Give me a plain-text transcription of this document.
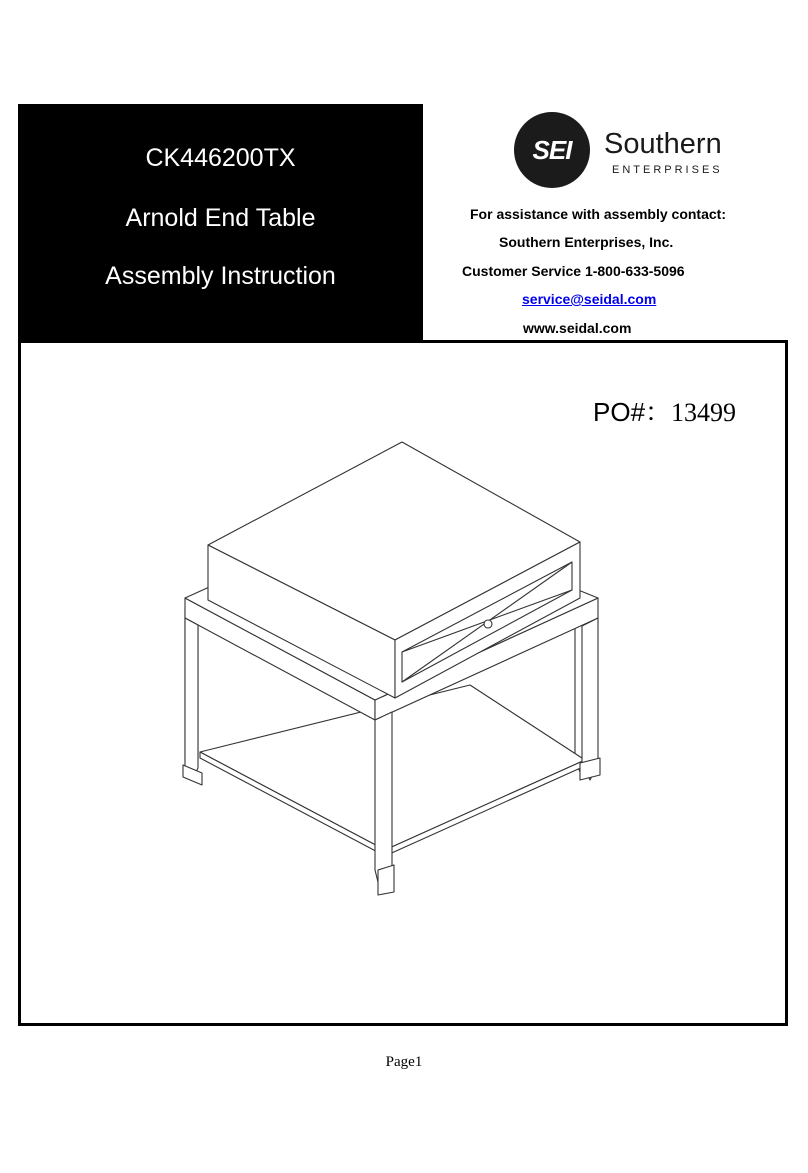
CK446200TX
Arnold End Table
Assembly Instruction
SEI	Southern
ENTERPRISES
For assistance with assembly contact:
Southern Enterprises, Inc.
Customer Service 1-800-633-5096
service@seidal.com
www.seidal.com
PO#：13499
Page1
